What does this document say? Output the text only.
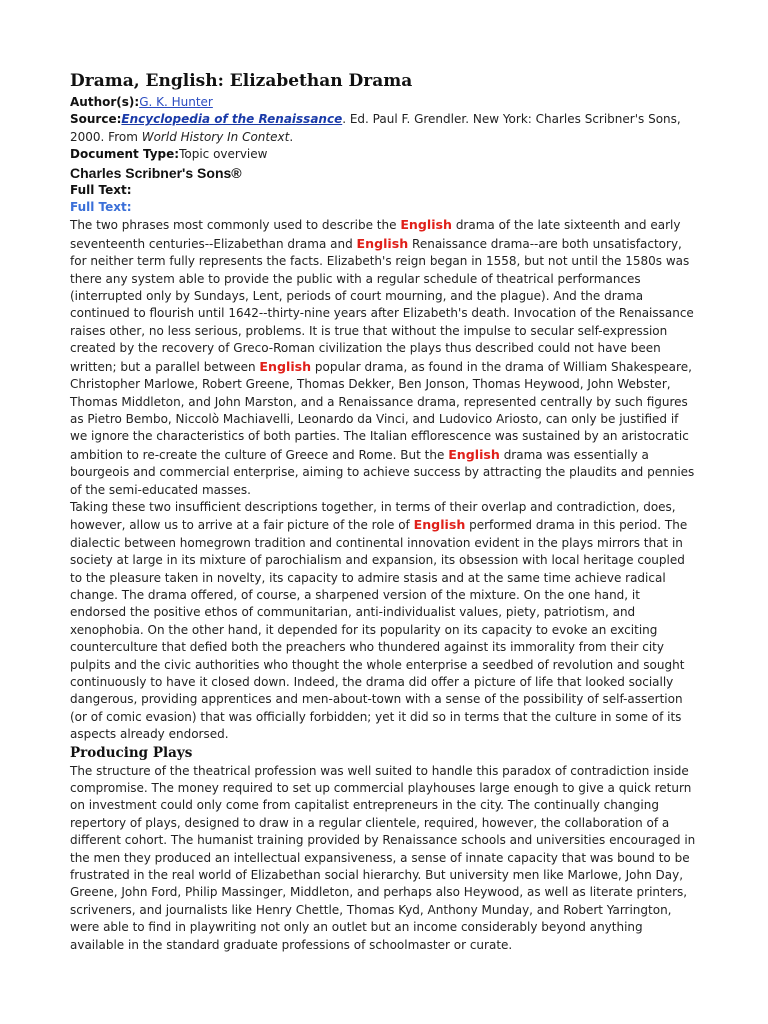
Drama, English: Elizabethan Drama

Author(s):G. K. Hunter

Source:Encyclopedia of the Renaissance. Ed. Paul F. Grendler. New York: Charles Scribner's Sons, 2000. From World History In Context.

Document Type:Topic overview

Charles Scribner's Sons®

Full Text:

Full Text:

The two phrases most commonly used to describe the English drama of the late sixteenth and early seventeenth centuries--Elizabethan drama and English Renaissance drama--are both unsatisfactory, for neither term fully represents the facts. Elizabeth's reign began in 1558, but not until the 1580s was there any system able to provide the public with a regular schedule of theatrical performances (interrupted only by Sundays, Lent, periods of court mourning, and the plague). And the drama continued to flourish until 1642--thirty-nine years after Elizabeth's death. Invocation of the Renaissance raises other, no less serious, problems. It is true that without the impulse to secular self-expression created by the recovery of Greco-Roman civilization the plays thus described could not have been written; but a parallel between English popular drama, as found in the drama of William Shakespeare, Christopher Marlowe, Robert Greene, Thomas Dekker, Ben Jonson, Thomas Heywood, John Webster, Thomas Middleton, and John Marston, and a Renaissance drama, represented centrally by such figures as Pietro Bembo, Niccolò Machiavelli, Leonardo da Vinci, and Ludovico Ariosto, can only be justified if we ignore the characteristics of both parties. The Italian efflorescence was sustained by an aristocratic ambition to re-create the culture of Greece and Rome. But the English drama was essentially a bourgeois and commercial enterprise, aiming to achieve success by attracting the plaudits and pennies of the semi-educated masses.

Taking these two insufficient descriptions together, in terms of their overlap and contradiction, does, however, allow us to arrive at a fair picture of the role of English performed drama in this period. The dialectic between homegrown tradition and continental innovation evident in the plays mirrors that in society at large in its mixture of parochialism and expansion, its obsession with local heritage coupled to the pleasure taken in novelty, its capacity to admire stasis and at the same time achieve radical change. The drama offered, of course, a sharpened version of the mixture. On the one hand, it endorsed the positive ethos of communitarian, anti-individualist values, piety, patriotism, and xenophobia. On the other hand, it depended for its popularity on its capacity to evoke an exciting counterculture that defied both the preachers who thundered against its immorality from their city pulpits and the civic authorities who thought the whole enterprise a seedbed of revolution and sought continuously to have it closed down. Indeed, the drama did offer a picture of life that looked socially dangerous, providing apprentices and men-about-town with a sense of the possibility of self-assertion (or of comic evasion) that was officially forbidden; yet it did so in terms that the culture in some of its aspects already endorsed.

Producing Plays

The structure of the theatrical profession was well suited to handle this paradox of contradiction inside compromise. The money required to set up commercial playhouses large enough to give a quick return on investment could only come from capitalist entrepreneurs in the city. The continually changing repertory of plays, designed to draw in a regular clientele, required, however, the collaboration of a different cohort. The humanist training provided by Renaissance schools and universities encouraged in the men they produced an intellectual expansiveness, a sense of innate capacity that was bound to be frustrated in the real world of Elizabethan social hierarchy. But university men like Marlowe, John Day, Greene, John Ford, Philip Massinger, Middleton, and perhaps also Heywood, as well as literate printers, scriveners, and journalists like Henry Chettle, Thomas Kyd, Anthony Munday, and Robert Yarrington, were able to find in playwriting not only an outlet but an income considerably beyond anything available in the standard graduate professions of schoolmaster or curate.
